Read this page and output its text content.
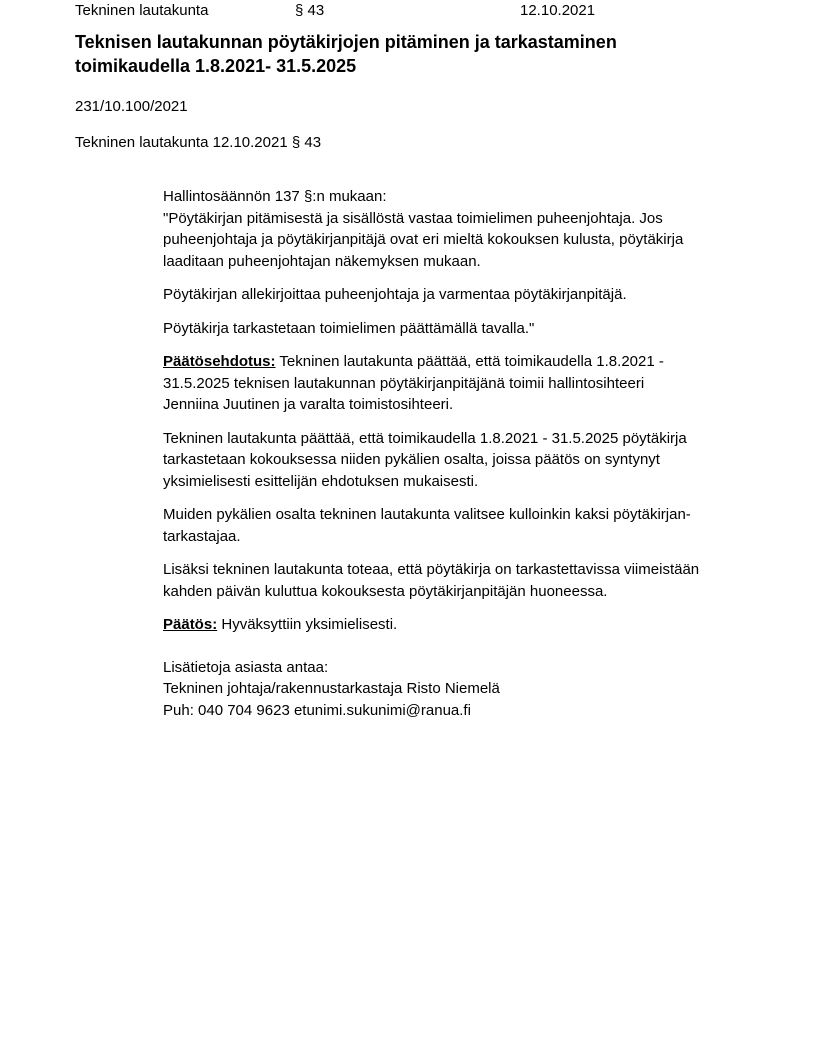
Tekninen lautakunta	§ 43	12.10.2021
Teknisen lautakunnan pöytäkirjojen pitäminen ja tarkastaminen
toimikaudella 1.8.2021- 31.5.2025
231/10.100/2021
Tekninen lautakunta 12.10.2021 § 43

Hallintosäännön 137 §:n mukaan:
"Pöytäkirjan pitämisestä ja sisällöstä vastaa toimielimen puheenjohtaja. Jos
puheenjohtaja ja pöytäkirjanpitäjä ovat eri mieltä kokouksen kulusta, pöytäkirja
laaditaan puheenjohtajan näkemyksen mukaan.

Pöytäkirjan allekirjoittaa puheenjohtaja ja varmentaa pöytäkirjanpitäjä.

Pöytäkirja tarkastetaan toimielimen päättämällä tavalla."

Päätösehdotus: Tekninen lautakunta päättää, että toimikaudella 1.8.2021 -
31.5.2025 teknisen lautakunnan pöytäkirjanpitäjänä toimii hallintosihteeri
Jenniina Juutinen ja varalta toimistosihteeri.

Tekninen lautakunta päättää, että toimikaudella 1.8.2021 - 31.5.2025 pöytäkirja
tarkastetaan kokouksessa niiden pykälien osalta, joissa päätös on syntynyt
yksimielisesti esittelijän ehdotuksen mukaisesti.

Muiden pykälien osalta tekninen lautakunta valitsee kulloinkin kaksi pöytäkirjan-
tarkastajaa.

Lisäksi tekninen lautakunta toteaa, että pöytäkirja on tarkastettavissa viimeistään
kahden päivän kuluttua kokouksesta pöytäkirjanpitäjän huoneessa.

Päätös: Hyväksyttiin yksimielisesti.

Lisätietoja asiasta antaa:
Tekninen johtaja/rakennustarkastaja Risto Niemelä
Puh: 040 704 9623 etunimi.sukunimi@ranua.fi
